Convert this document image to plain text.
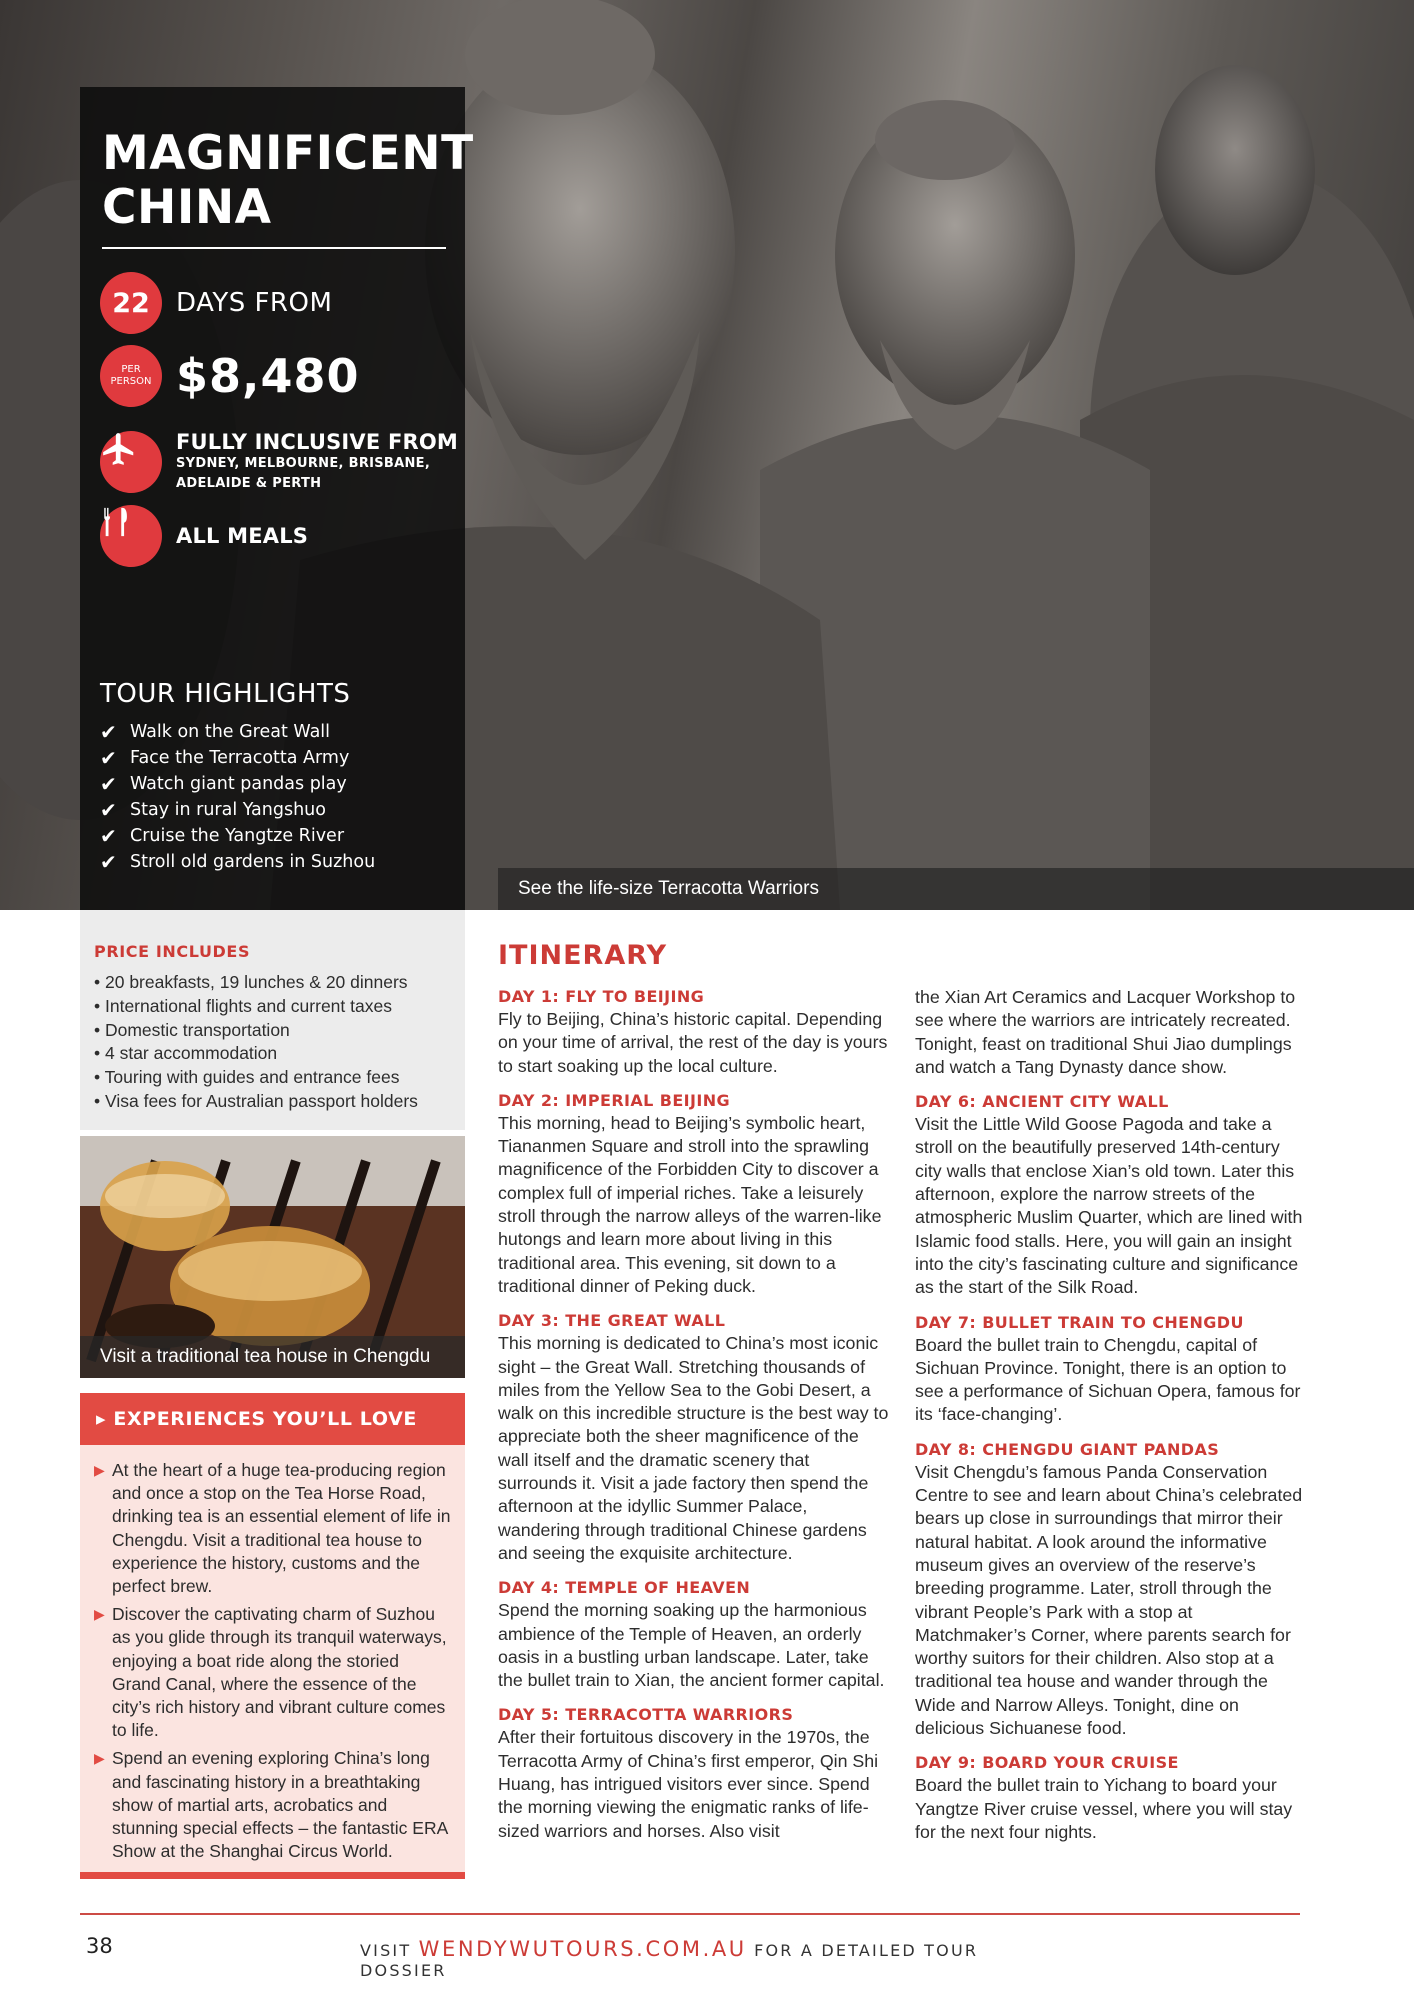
MAGNIFICENT CHINA
22 DAYS FROM
PER PERSON $8,480
FULLY INCLUSIVE FROM
SYDNEY, MELBOURNE, BRISBANE,
ADELAIDE & PERTH
ALL MEALS
TOUR HIGHLIGHTS
✔ Walk on the Great Wall
✔ Face the Terracotta Army
✔ Watch giant pandas play
✔ Stay in rural Yangshuo
✔ Cruise the Yangtze River
✔ Stroll old gardens in Suzhou
See the life-size Terracotta Warriors
PRICE INCLUDES
• 20 breakfasts, 19 lunches & 20 dinners
• International flights and current taxes
• Domestic transportation
• 4 star accommodation
• Touring with guides and entrance fees
• Visa fees for Australian passport holders
Visit a traditional tea house in Chengdu
▸ EXPERIENCES YOU’LL LOVE
▶ At the heart of a huge tea-producing region and once a stop on the Tea Horse Road, drinking tea is an essential element of life in Chengdu. Visit a traditional tea house to experience the history, customs and the perfect brew.
▶ Discover the captivating charm of Suzhou as you glide through its tranquil waterways, enjoying a boat ride along the storied Grand Canal, where the essence of the city’s rich history and vibrant culture comes to life.
▶ Spend an evening exploring China’s long and fascinating history in a breathtaking show of martial arts, acrobatics and stunning special effects – the fantastic ERA Show at the Shanghai Circus World.
ITINERARY
DAY 1: FLY TO BEIJING
Fly to Beijing, China’s historic capital. Depending on your time of arrival, the rest of the day is yours to start soaking up the local culture.
DAY 2: IMPERIAL BEIJING
This morning, head to Beijing’s symbolic heart, Tiananmen Square and stroll into the sprawling magnificence of the Forbidden City to discover a complex full of imperial riches. Take a leisurely stroll through the narrow alleys of the warren-like hutongs and learn more about living in this traditional area. This evening, sit down to a traditional dinner of Peking duck.
DAY 3: THE GREAT WALL
This morning is dedicated to China’s most iconic sight – the Great Wall. Stretching thousands of miles from the Yellow Sea to the Gobi Desert, a walk on this incredible structure is the best way to appreciate both the sheer magnificence of the wall itself and the dramatic scenery that surrounds it. Visit a jade factory then spend the afternoon at the idyllic Summer Palace, wandering through traditional Chinese gardens and seeing the exquisite architecture.
DAY 4: TEMPLE OF HEAVEN
Spend the morning soaking up the harmonious ambience of the Temple of Heaven, an orderly oasis in a bustling urban landscape. Later, take the bullet train to Xian, the ancient former capital.
DAY 5: TERRACOTTA WARRIORS
After their fortuitous discovery in the 1970s, the Terracotta Army of China’s first emperor, Qin Shi Huang, has intrigued visitors ever since. Spend the morning viewing the enigmatic ranks of life-sized warriors and horses. Also visit
the Xian Art Ceramics and Lacquer Workshop to see where the warriors are intricately recreated. Tonight, feast on traditional Shui Jiao dumplings and watch a Tang Dynasty dance show.
DAY 6: ANCIENT CITY WALL
Visit the Little Wild Goose Pagoda and take a stroll on the beautifully preserved 14th-century city walls that enclose Xian’s old town. Later this afternoon, explore the narrow streets of the atmospheric Muslim Quarter, which are lined with Islamic food stalls. Here, you will gain an insight into the city’s fascinating culture and significance as the start of the Silk Road.
DAY 7: BULLET TRAIN TO CHENGDU
Board the bullet train to Chengdu, capital of Sichuan Province. Tonight, there is an option to see a performance of Sichuan Opera, famous for its ‘face-changing’.
DAY 8: CHENGDU GIANT PANDAS
Visit Chengdu’s famous Panda Conservation Centre to see and learn about China’s celebrated bears up close in surroundings that mirror their natural habitat. A look around the informative museum gives an overview of the reserve’s breeding programme. Later, stroll through the vibrant People’s Park with a stop at Matchmaker’s Corner, where parents search for worthy suitors for their children. Also stop at a traditional tea house and wander through the Wide and Narrow Alleys. Tonight, dine on delicious Sichuanese food.
DAY 9: BOARD YOUR CRUISE
Board the bullet train to Yichang to board your Yangtze River cruise vessel, where you will stay for the next four nights.
38	VISIT WENDYWUTOURS.COM.AU FOR A DETAILED TOUR DOSSIER
